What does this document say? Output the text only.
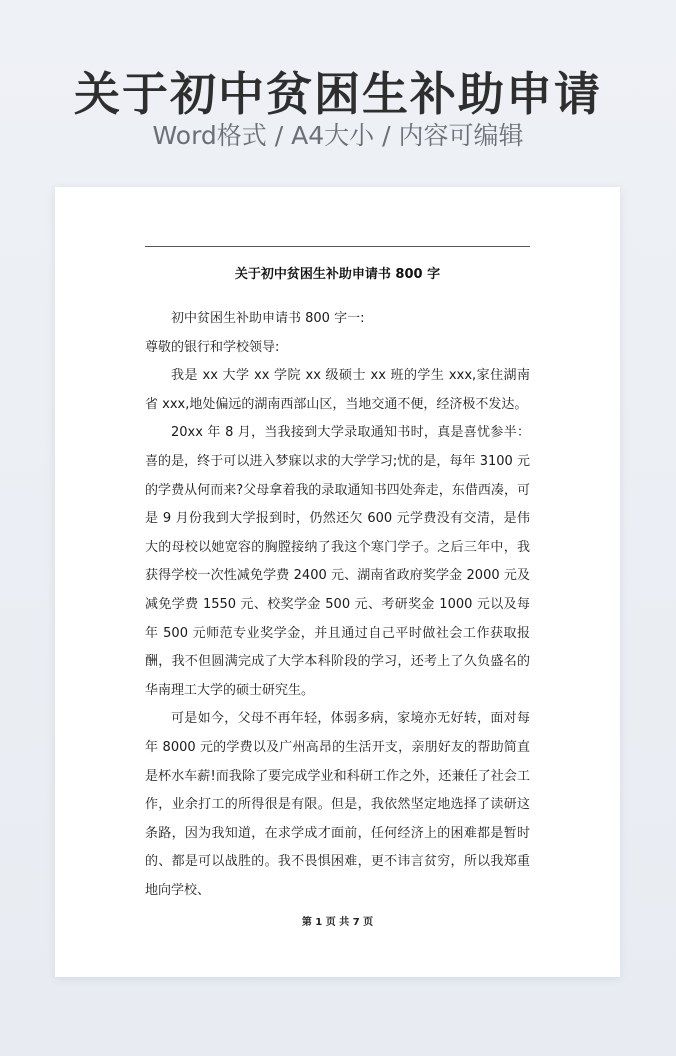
关于初中贫困生补助申请
Word格式 / A4大小 / 内容可编辑
关于初中贫困生补助申请书 800 字

初中贫困生补助申请书 800 字一:

尊敬的银行和学校领导:

我是 xx 大学 xx 学院 xx 级硕士 xx 班的学生 xxx,家住湖南省 xxx,地处偏远的湖南西部山区，当地交通不便，经济极不发达。

20xx 年 8 月，当我接到大学录取通知书时，真是喜忧参半：喜的是，终于可以进入梦寐以求的大学学习;忧的是，每年 3100 元的学费从何而来?父母拿着我的录取通知书四处奔走，东借西凑，可是 9 月份我到大学报到时，仍然还欠 600 元学费没有交清，是伟大的母校以她宽容的胸膛接纳了我这个寒门学子。之后三年中，我获得学校一次性减免学费 2400 元、湖南省政府奖学金 2000 元及减免学费 1550 元、校奖学金 500 元、考研奖金 1000 元以及每年 500 元师范专业奖学金，并且通过自己平时做社会工作获取报酬，我不但圆满完成了大学本科阶段的学习，还考上了久负盛名的华南理工大学的硕士研究生。

可是如今，父母不再年轻，体弱多病，家境亦无好转，面对每年 8000 元的学费以及广州高昂的生活开支，亲朋好友的帮助简直是杯水车薪!而我除了要完成学业和科研工作之外，还兼任了社会工作，业余打工的所得很是有限。但是，我依然坚定地选择了读研这条路，因为我知道，在求学成才面前，任何经济上的困难都是暂时的、都是可以战胜的。我不畏惧困难，更不讳言贫穷，所以我郑重地向学校、

第 1 页 共 7 页
